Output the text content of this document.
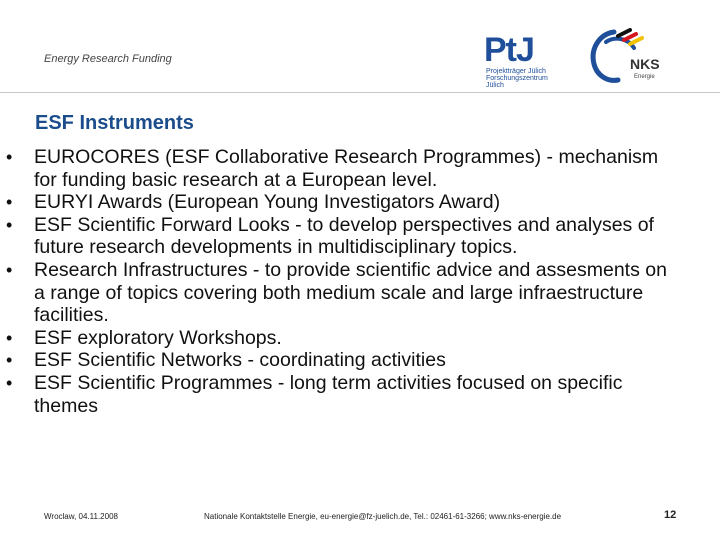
Energy Research Funding	PtJ
Projektträger Jülich
Forschungszentrum Jülich
NKS
Energie
ESF Instruments
• EUROCORES (ESF Collaborative Research Programmes) - mechanism for funding basic research at a European level.
• EURYI Awards (European Young Investigators Award)
• ESF Scientific Forward Looks - to develop perspectives and analyses of future research developments in multidisciplinary topics.
• Research Infrastructures - to provide scientific advice and assesments on a range of topics covering both medium scale and large infraestructure facilities.
• ESF exploratory Workshops.
• ESF Scientific Networks - coordinating activities
• ESF Scientific Programmes - long term activities focused on specific themes
Wroclaw, 04.11.2008	Nationale Kontaktstelle Energie, eu-energie@fz-juelich.de, Tel.: 02461-61-3266; www.nks-energie.de	12
